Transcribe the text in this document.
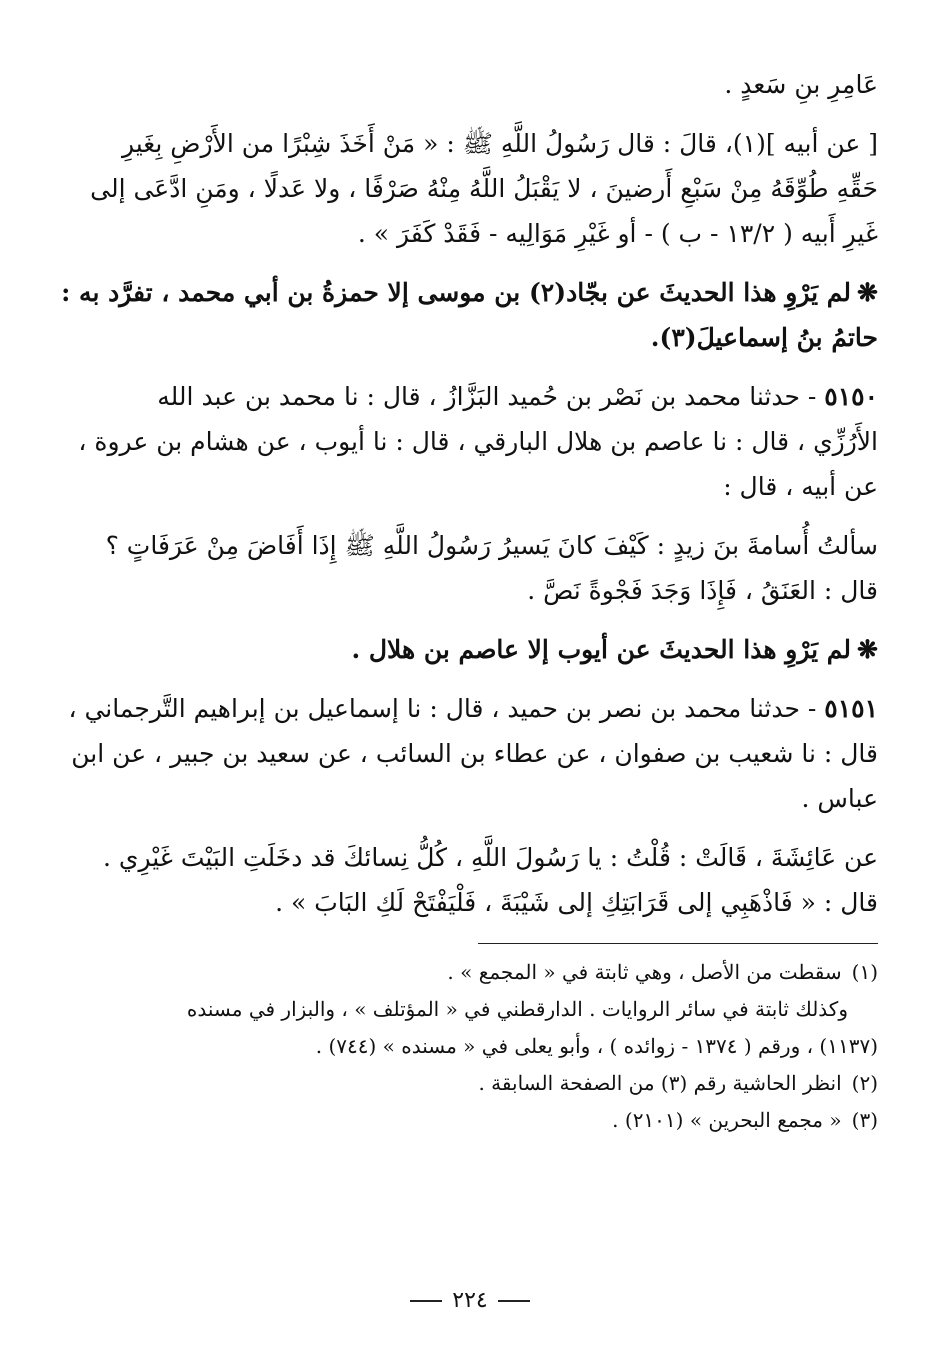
عَامِرِ بنِ سَعدٍ .

[ عن أبيه ](١)، قالَ : قال رَسُولُ اللَّهِ ﷺ : « مَنْ أَخَذَ شِبْرًا من الأَرْضِ بِغَيرِ

حَقِّهِ طُوِّقَهُ مِنْ سَبْعِ أَرضينَ ، لا يَقْبَلُ اللَّهُ مِنْهُ صَرْفًا ، ولا عَدلًا ، ومَنِ ادَّعَى إلى

غَيرِ أَبيه ( ١٣/٢ - ب ) - أو غَيْرِ مَوَالِيه - فَقَدْ كَفَرَ » .

❋لم يَرْوِ هذا الحديثَ عن بجّاد(٢) بن موسى إلا حمزةُ بن أبي محمد ، تفرَّد به :

حاتمُ بنُ إسماعيلَ(٣).

٥١٥٠ - حدثنا محمد بن نَصْر بن حُميد البَزَّازُ ، قال : نا محمد بن عبد الله

الأَرُزِّي ، قال : نا عاصم بن هلال البارقي ، قال : نا أيوب ، عن هشام بن عروة ،

عن أبيه ، قال :

سألتُ أُسامةَ بنَ زيدٍ : كَيْفَ كانَ يَسيرُ رَسُولُ اللَّهِ ﷺ إِذَا أَفَاضَ مِنْ عَرَفَاتٍ ؟

قال : العَنَقُ ، فَإِذَا وَجَدَ فَجْوةً نَصَّ .

❋لم يَرْوِ هذا الحديثَ عن أيوب إلا عاصم بن هلال .

٥١٥١ - حدثنا محمد بن نصر بن حميد ، قال : نا إسماعيل بن إبراهيم التَّرجماني ،

قال : نا شعيب بن صفوان ، عن عطاء بن السائب ، عن سعيد بن جبير ، عن ابن

عباس .

عن عَائِشَةَ ، قَالَتْ : قُلْتُ : يا رَسُولَ اللَّهِ ، كُلُّ نِسائكَ قد دخَلَتِ البَيْتَ غَيْرِي .

قال : « فَاذْهَبِي إلى قَرَابَتِكِ إلى شَيْبَةَ ، فَلْيَفْتَحْ لَكِ البَابَ » .

(١)سقطت من الأصل ، وهي ثابتة في « المجمع » .

وكذلك ثابتة في سائر الروايات . الدارقطني في « المؤتلف » ، والبزار في مسنده

(١١٣٧) ، ورقم ( ١٣٧٤ - زوائده ) ، وأبو يعلى في « مسنده » (٧٤٤) .

(٢)انظر الحاشية رقم (٣) من الصفحة السابقة .

(٣)« مجمع البحرين » (٢١٠١) .

٢٢٤
